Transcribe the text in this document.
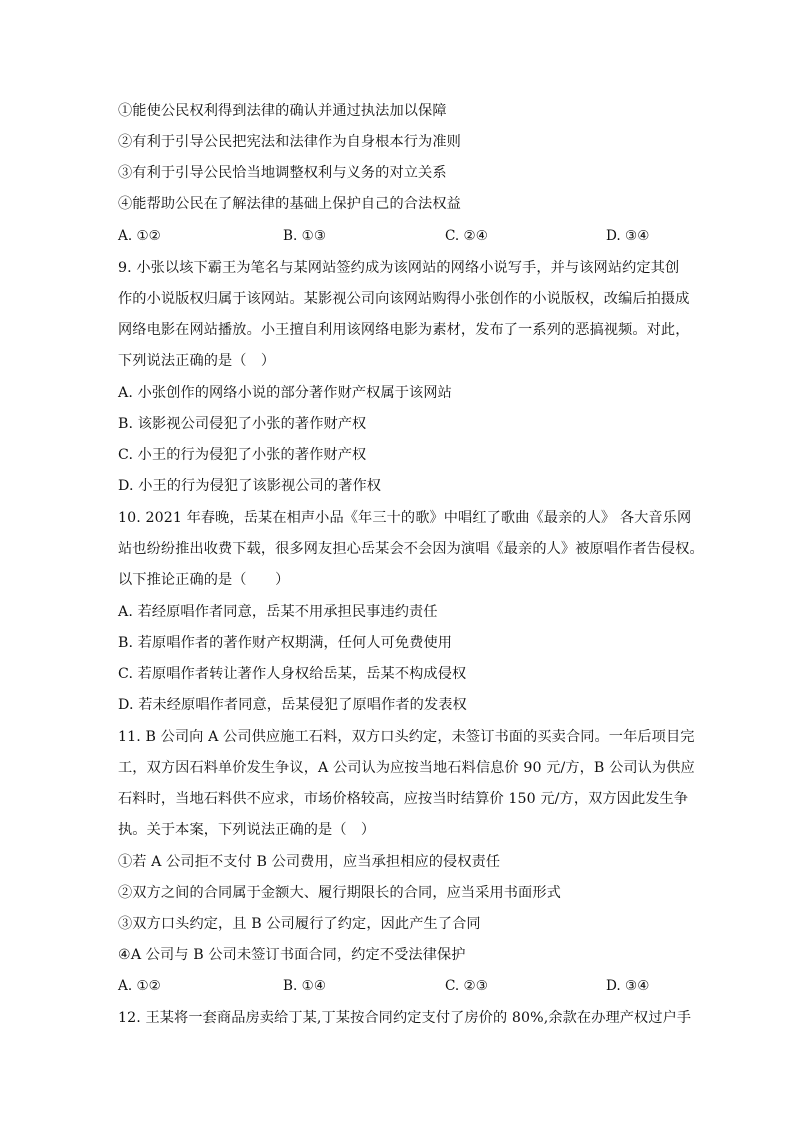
①能使公民权利得到法律的确认并通过执法加以保障
②有利于引导公民把宪法和法律作为自身根本行为准则
③有利于引导公民恰当地调整权利与义务的对立关系
④能帮助公民在了解法律的基础上保护自己的合法权益
A. ①②	B. ①③	C. ②④	D. ③④
9. 小张以垓下霸王为笔名与某网站签约成为该网站的网络小说写手，并与该网站约定其创
作的小说版权归属于该网站。某影视公司向该网站购得小张创作的小说版权，改编后拍摄成
网络电影在网站播放。小王擅自利用该网络电影为素材，发布了一系列的恶搞视频。对此，
下列说法正确的是（　）
A. 小张创作的网络小说的部分著作财产权属于该网站
B. 该影视公司侵犯了小张的著作财产权
C. 小王的行为侵犯了小张的著作财产权
D. 小王的行为侵犯了该影视公司的著作权
10. 2021 年春晚，岳某在相声小品《年三十的歌》中唱红了歌曲《最亲的人》 各大音乐网
站也纷纷推出收费下载，很多网友担心岳某会不会因为演唱《最亲的人》被原唱作者告侵权。
以下推论正确的是（　　）
A. 若经原唱作者同意，岳某不用承担民事违约责任
B. 若原唱作者的著作财产权期满，任何人可免费使用
C. 若原唱作者转让著作人身权给岳某，岳某不构成侵权
D. 若未经原唱作者同意，岳某侵犯了原唱作者的发表权
11. B 公司向 A 公司供应施工石料，双方口头约定，未签订书面的买卖合同。一年后项目完
工，双方因石料单价发生争议，A 公司认为应按当地石料信息价 90 元/方，B 公司认为供应
石料时，当地石料供不应求，市场价格较高，应按当时结算价 150 元/方，双方因此发生争
执。关于本案，下列说法正确的是（　）
①若 A 公司拒不支付 B 公司费用，应当承担相应的侵权责任
②双方之间的合同属于金额大、履行期限长的合同，应当采用书面形式
③双方口头约定，且 B 公司履行了约定，因此产生了合同
④A 公司与 B 公司未签订书面合同，约定不受法律保护
A. ①②	B. ①④	C. ②③	D. ③④
12. 王某将一套商品房卖给丁某,丁某按合同约定支付了房价的 80%,余款在办理产权过户手
